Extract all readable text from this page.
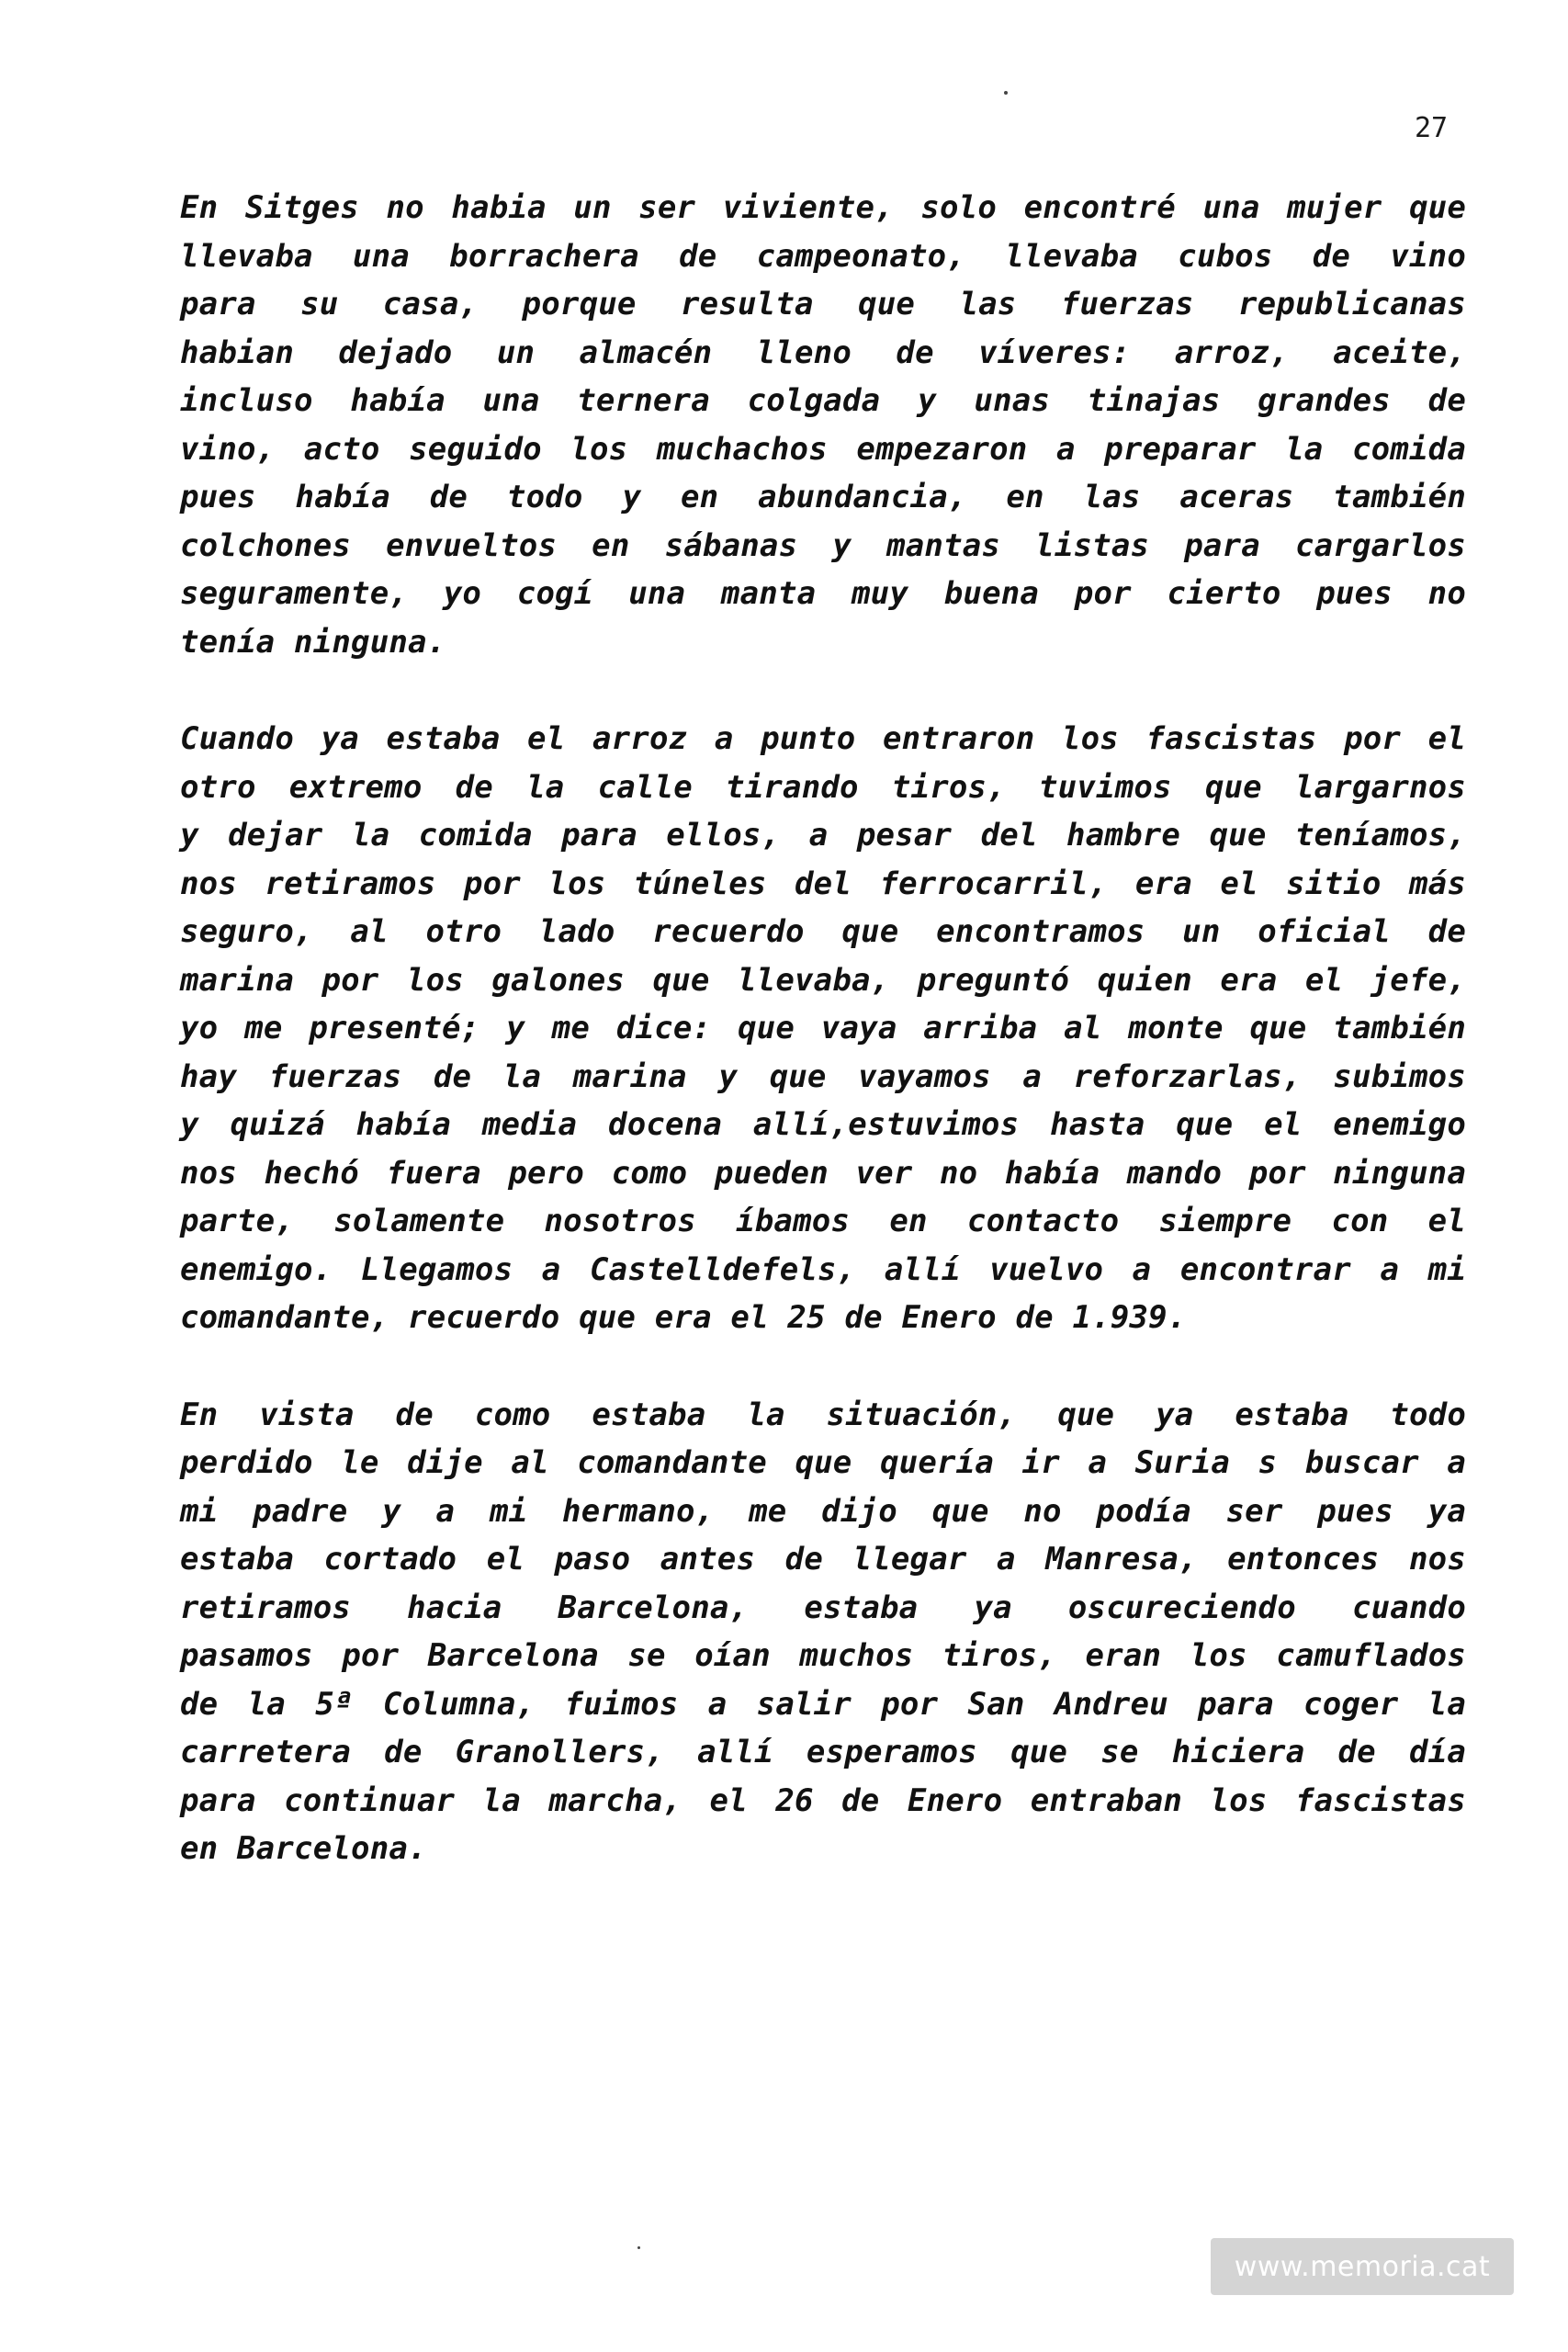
27

En Sitges no habia un ser viviente, solo encontré una mujer que
llevaba una borrachera de campeonato, llevaba cubos de vino
para su casa, porque resulta que las fuerzas republicanas
habian dejado un almacén lleno de víveres: arroz, aceite,
incluso había una ternera colgada y unas tinajas grandes de
vino, acto seguido los muchachos empezaron a preparar la comida
pues había de todo y en abundancia, en las aceras también
colchones envueltos en sábanas y mantas listas para cargarlos
seguramente, yo cogí una manta muy buena por cierto pues no
tenía ninguna.

Cuando ya estaba el arroz a punto entraron los fascistas por el
otro extremo de la calle tirando tiros, tuvimos que largarnos
y dejar la comida para ellos, a pesar del hambre que teníamos,
nos retiramos por los túneles del ferrocarril, era el sitio más
seguro, al otro lado recuerdo que encontramos un oficial de
marina por los galones que llevaba, preguntó quien era el jefe,
yo me presenté; y me dice: que vaya arriba al monte que también
hay fuerzas de la marina y que vayamos a reforzarlas, subimos
y quizá había media docena allí,estuvimos hasta que el enemigo
nos hechó fuera pero como pueden ver no había mando por ninguna
parte, solamente nosotros íbamos en contacto siempre con el
enemigo. Llegamos a Castelldefels, allí vuelvo a encontrar a mi
comandante, recuerdo que era el 25 de Enero de 1.939.

En vista de como estaba la situación, que ya estaba todo
perdido le dije al comandante que quería ir a Suria s buscar a
mi padre y a mi hermano, me dijo que no podía ser pues ya
estaba cortado el paso antes de llegar a Manresa, entonces nos
retiramos hacia Barcelona, estaba ya oscureciendo cuando
pasamos por Barcelona se oían muchos tiros, eran los camuflados
de la 5ª Columna, fuimos a salir por San Andreu para coger la
carretera de Granollers, allí esperamos que se hiciera de día
para continuar la marcha, el 26 de Enero entraban los fascistas
en Barcelona.

www.memoria.cat
